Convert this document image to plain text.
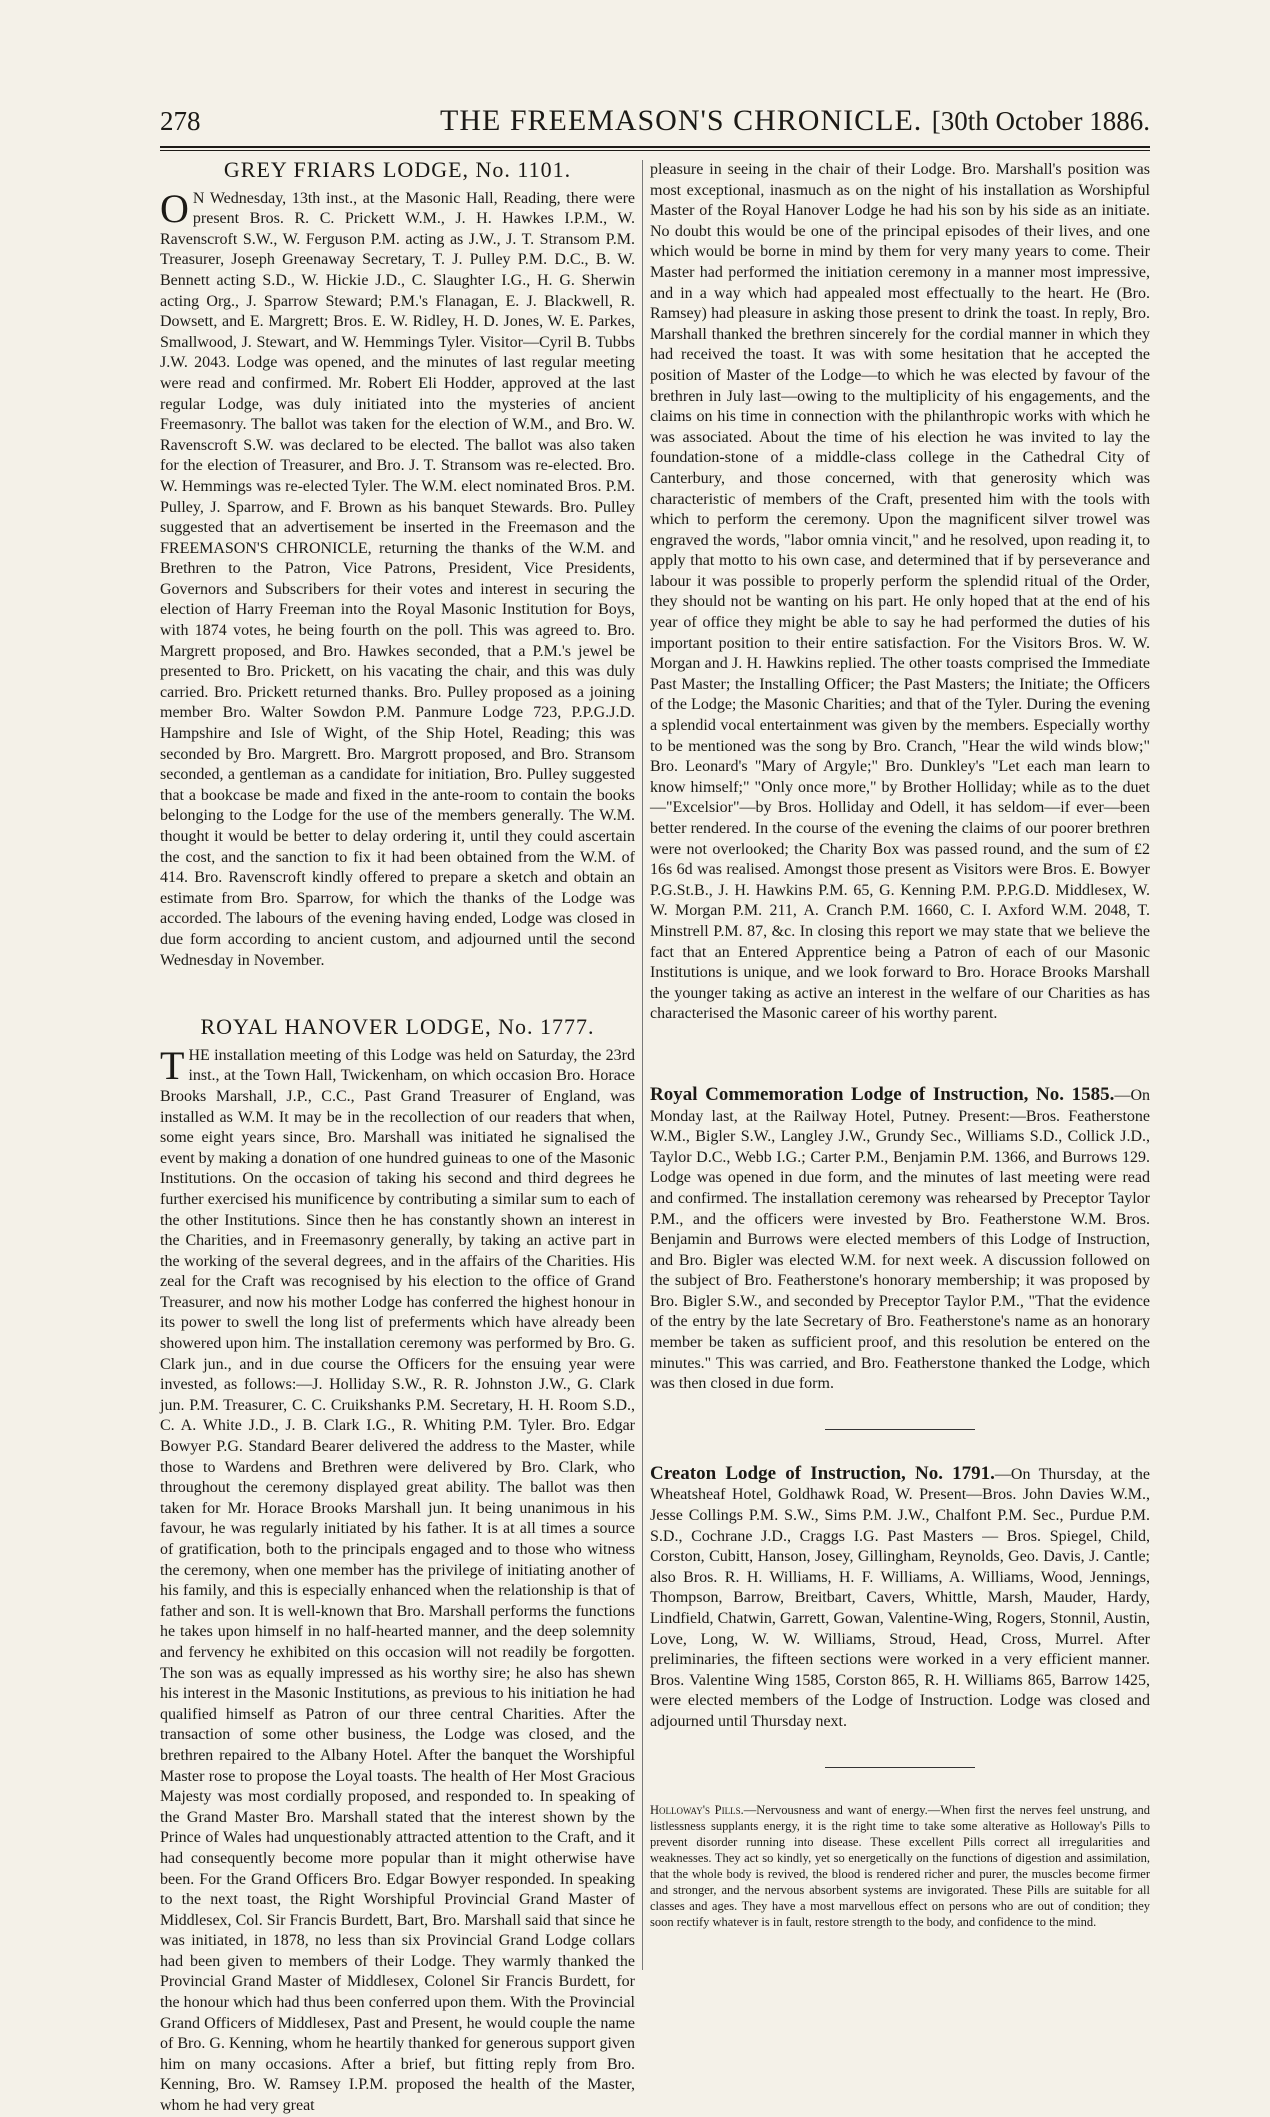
278	THE FREEMASON'S CHRONICLE. [30th October 1886.
GREY FRIARS LODGE, No. 1101.

O N Wednesday, 13th inst., at the Masonic Hall, Reading, there were present Bros. R. C. Prickett W.M., J. H. Hawkes I.P.M., W. Ravenscroft S.W., W. Ferguson P.M. acting as J.W., J. T. Stransom P.M. Treasurer, Joseph Greenaway Secretary, T. J. Pulley P.M. D.C., B. W. Bennett acting S.D., W. Hickie J.D., C. Slaughter I.G., H. G. Sherwin acting Org., J. Sparrow Steward; P.M.'s Flanagan, E. J. Blackwell, R. Dowsett, and E. Margrett; Bros. E. W. Ridley, H. D. Jones, W. E. Parkes, Smallwood, J. Stewart, and W. Hemmings Tyler. Visitor—Cyril B. Tubbs J.W. 2043. Lodge was opened, and the minutes of last regular meeting were read and confirmed. Mr. Robert Eli Hodder, approved at the last regular Lodge, was duly initiated into the mysteries of ancient Freemasonry. The ballot was taken for the election of W.M., and Bro. W. Ravenscroft S.W. was declared to be elected. The ballot was also taken for the election of Treasurer, and Bro. J. T. Stransom was re-elected. Bro. W. Hemmings was re-elected Tyler. The W.M. elect nominated Bros. P.M. Pulley, J. Sparrow, and F. Brown as his banquet Stewards. Bro. Pulley suggested that an advertisement be inserted in the Freemason and the FREEMASON'S CHRONICLE, returning the thanks of the W.M. and Brethren to the Patron, Vice Patrons, President, Vice Presidents, Governors and Subscribers for their votes and interest in securing the election of Harry Freeman into the Royal Masonic Institution for Boys, with 1874 votes, he being fourth on the poll. This was agreed to. Bro. Margrett proposed, and Bro. Hawkes seconded, that a P.M.'s jewel be presented to Bro. Prickett, on his vacating the chair, and this was duly carried. Bro. Prickett returned thanks. Bro. Pulley proposed as a joining member Bro. Walter Sowdon P.M. Panmure Lodge 723, P.P.G.J.D. Hampshire and Isle of Wight, of the Ship Hotel, Reading; this was seconded by Bro. Margrett. Bro. Margrott proposed, and Bro. Stransom seconded, a gentleman as a candidate for initiation, Bro. Pulley suggested that a bookcase be made and fixed in the ante-room to contain the books belonging to the Lodge for the use of the members generally. The W.M. thought it would be better to delay ordering it, until they could ascertain the cost, and the sanction to fix it had been obtained from the W.M. of 414. Bro. Ravenscroft kindly offered to prepare a sketch and obtain an estimate from Bro. Sparrow, for which the thanks of the Lodge was accorded. The labours of the evening having ended, Lodge was closed in due form according to ancient custom, and adjourned until the second Wednesday in November.

ROYAL HANOVER LODGE, No. 1777.

THE installation meeting of this Lodge was held on Saturday, the 23rd inst., at the Town Hall, Twickenham, on which occasion Bro. Horace Brooks Marshall, J.P., C.C., Past Grand Treasurer of England, was installed as W.M. It may be in the recollection of our readers that when, some eight years since, Bro. Marshall was initiated he signalised the event by making a donation of one hundred guineas to one of the Masonic Institutions. On the occasion of taking his second and third degrees he further exercised his munificence by contributing a similar sum to each of the other Institutions. Since then he has constantly shown an interest in the Charities, and in Freemasonry generally, by taking an active part in the working of the several degrees, and in the affairs of the Charities. His zeal for the Craft was recognised by his election to the office of Grand Treasurer, and now his mother Lodge has conferred the highest honour in its power to swell the long list of preferments which have already been showered upon him. The installation ceremony was performed by Bro. G. Clark jun., and in due course the Officers for the ensuing year were invested, as follows:—J. Holliday S.W., R. R. Johnston J.W., G. Clark jun. P.M. Treasurer, C. C. Cruikshanks P.M. Secretary, H. H. Room S.D., C. A. White J.D., J. B. Clark I.G., R. Whiting P.M. Tyler. Bro. Edgar Bowyer P.G. Standard Bearer delivered the address to the Master, while those to Wardens and Brethren were delivered by Bro. Clark, who throughout the ceremony displayed great ability. The ballot was then taken for Mr. Horace Brooks Marshall jun. It being unanimous in his favour, he was regularly initiated by his father. It is at all times a source of gratification, both to the principals engaged and to those who witness the ceremony, when one member has the privilege of initiating another of his family, and this is especially enhanced when the relationship is that of father and son. It is well-known that Bro. Marshall performs the functions he takes upon himself in no half-hearted manner, and the deep solemnity and fervency he exhibited on this occasion will not readily be forgotten. The son was as equally impressed as his worthy sire; he also has shewn his interest in the Masonic Institutions, as previous to his initiation he had qualified himself as Patron of our three central Charities. After the transaction of some other business, the Lodge was closed, and the brethren repaired to the Albany Hotel. After the banquet the Worshipful Master rose to propose the Loyal toasts. The health of Her Most Gracious Majesty was most cordially proposed, and responded to. In speaking of the Grand Master Bro. Marshall stated that the interest shown by the Prince of Wales had unquestionably attracted attention to the Craft, and it had consequently become more popular than it might otherwise have been. For the Grand Officers Bro. Edgar Bowyer responded. In speaking to the next toast, the Right Worshipful Provincial Grand Master of Middlesex, Col. Sir Francis Burdett, Bart, Bro. Marshall said that since he was initiated, in 1878, no less than six Provincial Grand Lodge collars had been given to members of their Lodge. They warmly thanked the Provincial Grand Master of Middlesex, Colonel Sir Francis Burdett, for the honour which had thus been conferred upon them. With the Provincial Grand Officers of Middlesex, Past and Present, he would couple the name of Bro. G. Kenning, whom he heartily thanked for generous support given him on many occasions. After a brief, but fitting reply from Bro. Kenning, Bro. W. Ramsey I.P.M. proposed the health of the Master, whom he had very great

pleasure in seeing in the chair of their Lodge. Bro. Marshall's position was most exceptional, inasmuch as on the night of his installation as Worshipful Master of the Royal Hanover Lodge he had his son by his side as an initiate. No doubt this would be one of the principal episodes of their lives, and one which would be borne in mind by them for very many years to come. Their Master had performed the initiation ceremony in a manner most impressive, and in a way which had appealed most effectually to the heart. He (Bro. Ramsey) had pleasure in asking those present to drink the toast. In reply, Bro. Marshall thanked the brethren sincerely for the cordial manner in which they had received the toast. It was with some hesitation that he accepted the position of Master of the Lodge—to which he was elected by favour of the brethren in July last—owing to the multiplicity of his engagements, and the claims on his time in connection with the philanthropic works with which he was associated. About the time of his election he was invited to lay the foundation-stone of a middle-class college in the Cathedral City of Canterbury, and those concerned, with that generosity which was characteristic of members of the Craft, presented him with the tools with which to perform the ceremony. Upon the magnificent silver trowel was engraved the words, "labor omnia vincit," and he resolved, upon reading it, to apply that motto to his own case, and determined that if by perseverance and labour it was possible to properly perform the splendid ritual of the Order, they should not be wanting on his part. He only hoped that at the end of his year of office they might be able to say he had performed the duties of his important position to their entire satisfaction. For the Visitors Bros. W. W. Morgan and J. H. Hawkins replied. The other toasts comprised the Immediate Past Master; the Installing Officer; the Past Masters; the Initiate; the Officers of the Lodge; the Masonic Charities; and that of the Tyler. During the evening a splendid vocal entertainment was given by the members. Especially worthy to be mentioned was the song by Bro. Cranch, "Hear the wild winds blow;" Bro. Leonard's "Mary of Argyle;" Bro. Dunkley's "Let each man learn to know himself;" "Only once more," by Brother Holliday; while as to the duet—"Excelsior"—by Bros. Holliday and Odell, it has seldom—if ever—been better rendered. In the course of the evening the claims of our poorer brethren were not overlooked; the Charity Box was passed round, and the sum of £2 16s 6d was realised. Amongst those present as Visitors were Bros. E. Bowyer P.G.St.B., J. H. Hawkins P.M. 65, G. Kenning P.M. P.P.G.D. Middlesex, W. W. Morgan P.M. 211, A. Cranch P.M. 1660, C. I. Axford W.M. 2048, T. Minstrell P.M. 87, &c. In closing this report we may state that we believe the fact that an Entered Apprentice being a Patron of each of our Masonic Institutions is unique, and we look forward to Bro. Horace Brooks Marshall the younger taking as active an interest in the welfare of our Charities as has characterised the Masonic career of his worthy parent.

Royal Commemoration Lodge of Instruction, No. 1585.—On Monday last, at the Railway Hotel, Putney. Present:—Bros. Featherstone W.M., Bigler S.W., Langley J.W., Grundy Sec., Williams S.D., Collick J.D., Taylor D.C., Webb I.G.; Carter P.M., Benjamin P.M. 1366, and Burrows 129. Lodge was opened in due form, and the minutes of last meeting were read and confirmed. The installation ceremony was rehearsed by Preceptor Taylor P.M., and the officers were invested by Bro. Featherstone W.M. Bros. Benjamin and Burrows were elected members of this Lodge of Instruction, and Bro. Bigler was elected W.M. for next week. A discussion followed on the subject of Bro. Featherstone's honorary membership; it was proposed by Bro. Bigler S.W., and seconded by Preceptor Taylor P.M., "That the evidence of the entry by the late Secretary of Bro. Featherstone's name as an honorary member be taken as sufficient proof, and this resolution be entered on the minutes." This was carried, and Bro. Featherstone thanked the Lodge, which was then closed in due form.

Creaton Lodge of Instruction, No. 1791.—On Thursday, at the Wheatsheaf Hotel, Goldhawk Road, W. Present—Bros. John Davies W.M., Jesse Collings P.M. S.W., Sims P.M. J.W., Chalfont P.M. Sec., Purdue P.M. S.D., Cochrane J.D., Craggs I.G. Past Masters — Bros. Spiegel, Child, Corston, Cubitt, Hanson, Josey, Gillingham, Reynolds, Geo. Davis, J. Cantle; also Bros. R. H. Williams, H. F. Williams, A. Williams, Wood, Jennings, Thompson, Barrow, Breitbart, Cavers, Whittle, Marsh, Mauder, Hardy, Lindfield, Chatwin, Garrett, Gowan, Valentine-Wing, Rogers, Stonnil, Austin, Love, Long, W. W. Williams, Stroud, Head, Cross, Murrel. After preliminaries, the fifteen sections were worked in a very efficient manner. Bros. Valentine Wing 1585, Corston 865, R. H. Williams 865, Barrow 1425, were elected members of the Lodge of Instruction. Lodge was closed and adjourned until Thursday next.

Holloway's Pills.—Nervousness and want of energy.—When first the nerves feel unstrung, and listlessness supplants energy, it is the right time to take some alterative as Holloway's Pills to prevent disorder running into disease. These excellent Pills correct all irregularities and weaknesses. They act so kindly, yet so energetically on the functions of digestion and assimilation, that the whole body is revived, the blood is rendered richer and purer, the muscles become firmer and stronger, and the nervous absorbent systems are invigorated. These Pills are suitable for all classes and ages. They have a most marvellous effect on persons who are out of condition; they soon rectify whatever is in fault, restore strength to the body, and confidence to the mind.
